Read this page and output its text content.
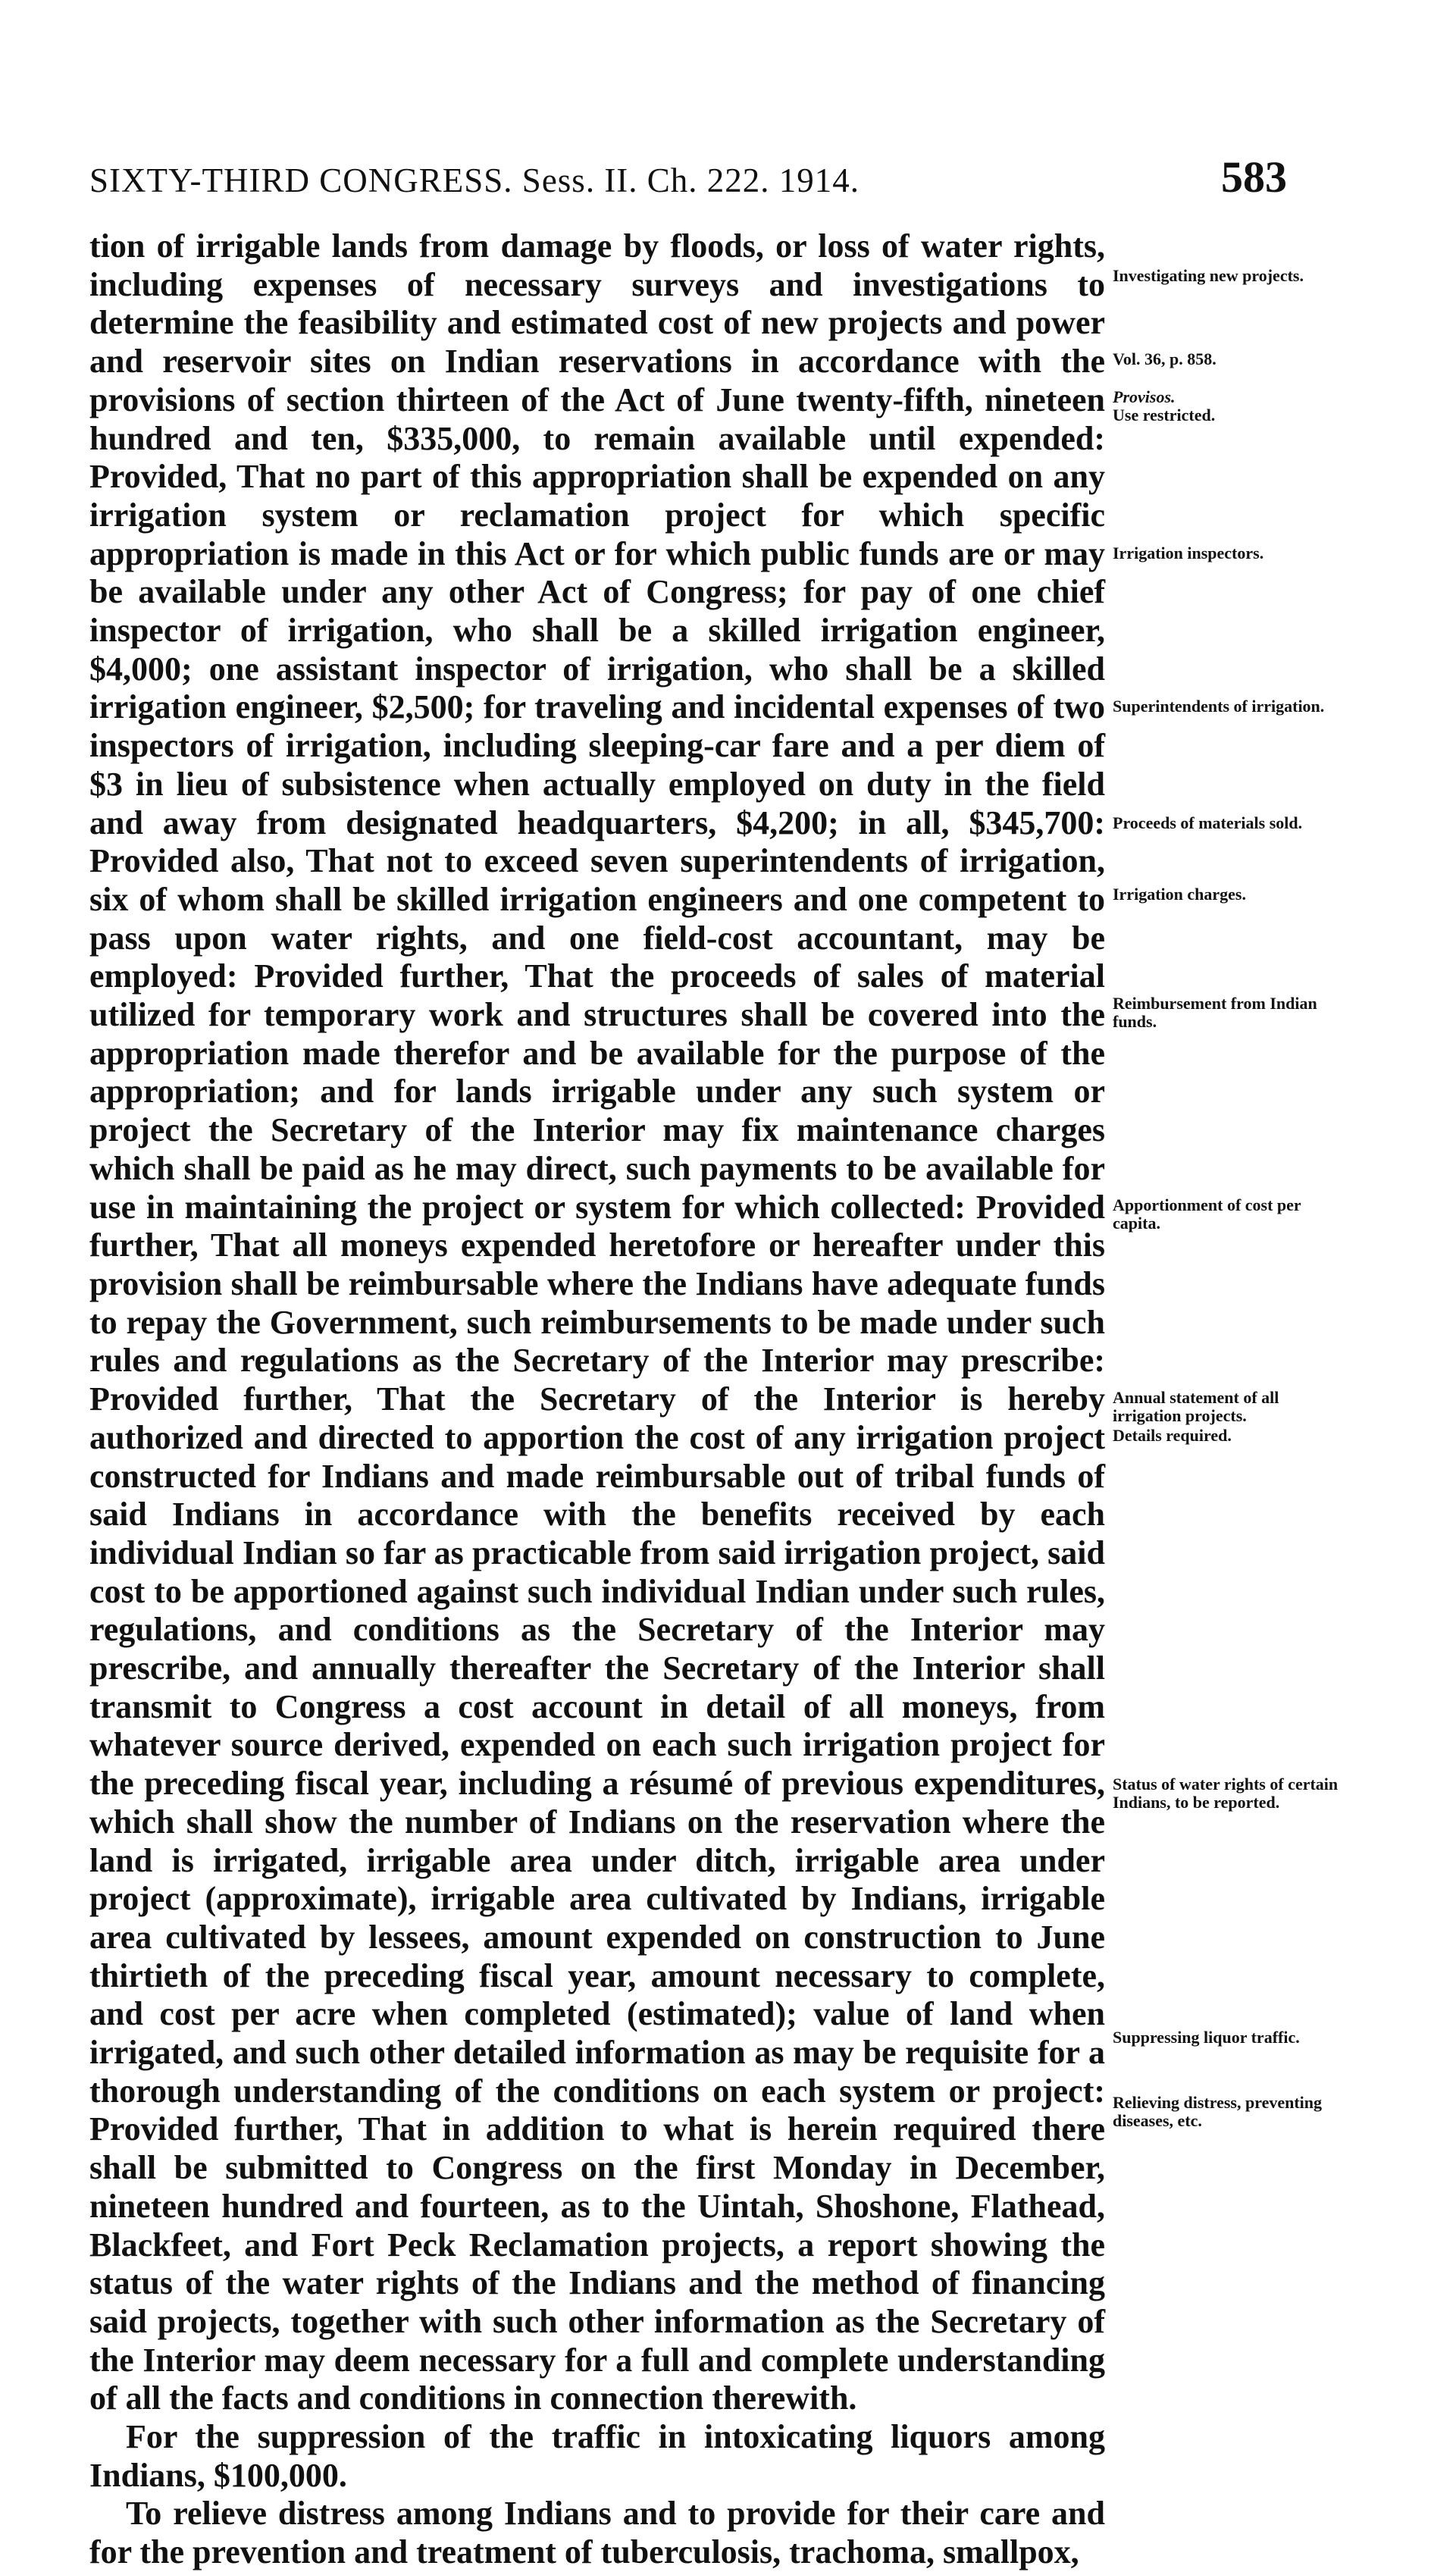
SIXTY-THIRD CONGRESS. Sess. II. Ch. 222. 1914.	583

tion of irrigable lands from damage by floods, or loss of water rights, including expenses of necessary surveys and investigations to determine the feasibility and estimated cost of new projects and power and reservoir sites on Indian reservations in accordance with the provisions of section thirteen of the Act of June twenty-fifth, nineteen hundred and ten, $335,000, to remain available until expended: Provided, That no part of this appropriation shall be expended on any irrigation system or reclamation project for which specific appropriation is made in this Act or for which public funds are or may be available under any other Act of Congress; for pay of one chief inspector of irrigation, who shall be a skilled irrigation engineer, $4,000; one assistant inspector of irrigation, who shall be a skilled irrigation engineer, $2,500; for traveling and incidental expenses of two inspectors of irrigation, including sleeping-car fare and a per diem of $3 in lieu of subsistence when actually employed on duty in the field and away from designated headquarters, $4,200; in all, $345,700: Provided also, That not to exceed seven superintendents of irrigation, six of whom shall be skilled irrigation engineers and one competent to pass upon water rights, and one field-cost accountant, may be employed: Provided further, That the proceeds of sales of material utilized for temporary work and structures shall be covered into the appropriation made therefor and be available for the purpose of the appropriation; and for lands irrigable under any such system or project the Secretary of the Interior may fix maintenance charges which shall be paid as he may direct, such payments to be available for use in maintaining the project or system for which collected: Provided further, That all moneys expended heretofore or hereafter under this provision shall be reimbursable where the Indians have adequate funds to repay the Government, such reimbursements to be made under such rules and regulations as the Secretary of the Interior may prescribe: Provided further, That the Secretary of the Interior is hereby authorized and directed to apportion the cost of any irrigation project constructed for Indians and made reimbursable out of tribal funds of said Indians in accordance with the benefits received by each individual Indian so far as practicable from said irrigation project, said cost to be apportioned against such individual Indian under such rules, regulations, and conditions as the Secretary of the Interior may prescribe, and annually thereafter the Secretary of the Interior shall transmit to Congress a cost account in detail of all moneys, from whatever source derived, expended on each such irrigation project for the preceding fiscal year, including a résumé of previous expenditures, which shall show the number of Indians on the reservation where the land is irrigated, irrigable area under ditch, irrigable area under project (approximate), irrigable area cultivated by Indians, irrigable area cultivated by lessees, amount expended on construction to June thirtieth of the preceding fiscal year, amount necessary to complete, and cost per acre when completed (estimated); value of land when irrigated, and such other detailed information as may be requisite for a thorough understanding of the conditions on each system or project: Provided further, That in addition to what is herein required there shall be submitted to Congress on the first Monday in December, nineteen hundred and fourteen, as to the Uintah, Shoshone, Flathead, Blackfeet, and Fort Peck Reclamation projects, a report showing the status of the water rights of the Indians and the method of financing said projects, together with such other information as the Secretary of the Interior may deem necessary for a full and complete understanding of all the facts and conditions in connection therewith.

For the suppression of the traffic in intoxicating liquors among Indians, $100,000.

To relieve distress among Indians and to provide for their care and for the prevention and treatment of tuberculosis, trachoma, smallpox,

Investigating new projects.
Vol. 36, p. 858.
Provisos.
Use restricted.
Irrigation inspectors.
Superintendents of irrigation.
Proceeds of materials sold.
Irrigation charges.
Reimbursement from Indian funds.
Apportionment of cost per capita.
Annual statement of all irrigation projects.
Details required.
Status of water rights of certain Indians, to be reported.
Suppressing liquor traffic.
Relieving distress, preventing diseases, etc.
